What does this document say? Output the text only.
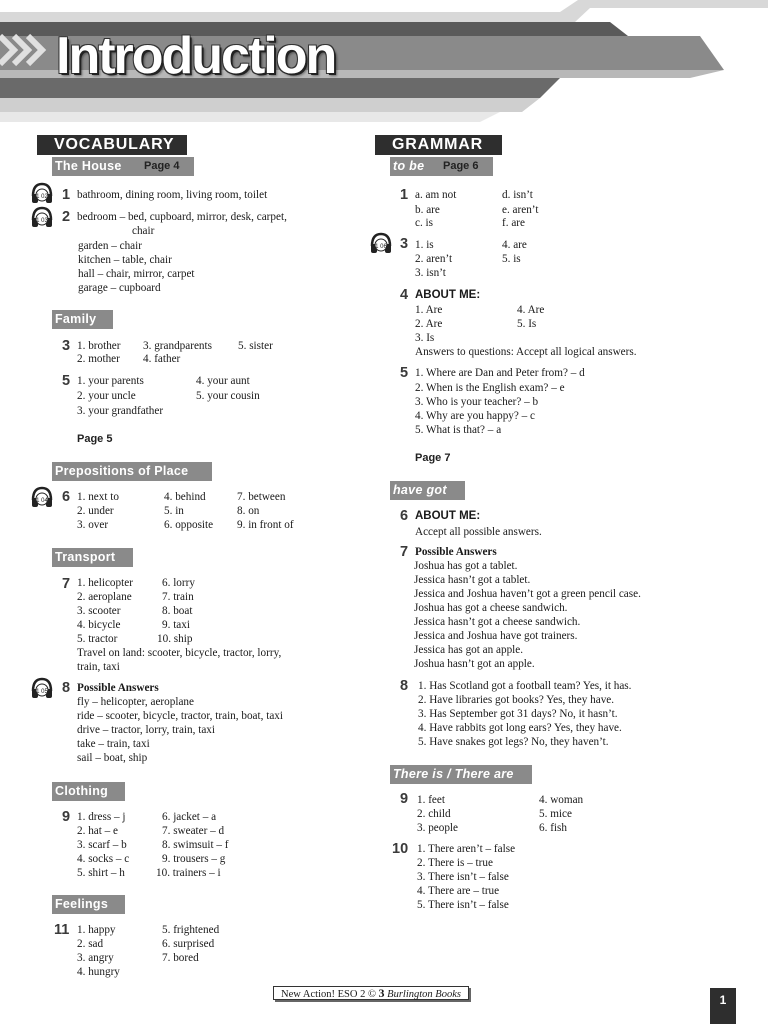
Introduction
VOCABULARY
The House Page 4
1 02
1 03
1 bathroom, dining room, living room, toilet
2 bedroom – bed, cupboard, mirror, desk, carpet,
chair
garden – chair
kitchen – table, chair
hall – chair, mirror, carpet
garage – cupboard
Family
3 1. brother 3. grandparents 5. sister
2. mother 4. father
5 1. your parents	4. your aunt
2. your uncle	5. your cousin
3. your grandfather
Page 5
Prepositions of Place
1 04 6 1. next to	4. behind	7. between
2. under	5. in	8. on
3. over	6. opposite 9. in front of
Transport
7 1. helicopter	6. lorry
2. aeroplane	7. train
3. scooter	8. boat
4. bicycle	9. taxi
5. tractor	10. ship
Travel on land: scooter, bicycle, tractor, lorry,
train, taxi
1 05 8 Possible Answers
fly – helicopter, aeroplane
ride – scooter, bicycle, tractor, train, boat, taxi
drive – tractor, lorry, train, taxi
take – train, taxi
sail – boat, ship
Clothing
9 1. dress – j	6. jacket – a
2. hat – e	7. sweater – d
3. scarf – b	8. swimsuit – f
4. socks – c	9. trousers – g
5. shirt – h	10. trainers – i
Feelings
11 1. happy	5. frightened
2. sad	6. surprised
3. angry	7. bored
4. hungry
GRAMMAR
to be Page 6
1 a. am not	d. isn’t
b. are	e. aren’t
c. is	f. are
1 06 3 1. is	4. are
2. aren’t	5. is
3. isn’t
4 ABOUT ME:
1. Are	4. Are
2. Are	5. Is
3. Is
Answers to questions: Accept all logical answers.
5 1. Where are Dan and Peter from? – d
2. When is the English exam? – e
3. Who is your teacher? – b
4. Why are you happy? – c
5. What is that? – a
Page 7
have got
6 ABOUT ME:
Accept all possible answers.
7 Possible Answers
Joshua has got a tablet.
Jessica hasn’t got a tablet.
Jessica and Joshua haven’t got a green pencil case.
Joshua has got a cheese sandwich.
Jessica hasn’t got a cheese sandwich.
Jessica and Joshua have got trainers.
Jessica has got an apple.
Joshua hasn’t got an apple.
8 1. Has Scotland got a football team? Yes, it has.
2. Have libraries got books? Yes, they have.
3. Has September got 31 days? No, it hasn’t.
4. Have rabbits got long ears? Yes, they have.
5. Have snakes got legs? No, they haven’t.
There is / There are
9 1. feet	4. woman
2. child	5. mice
3. people	6. fish
10 1. There aren’t – false
2. There is – true
3. There isn’t – false
4. There are – true
5. There isn’t – false
New Action! ESO 2 © 3 Burlington Books	1
